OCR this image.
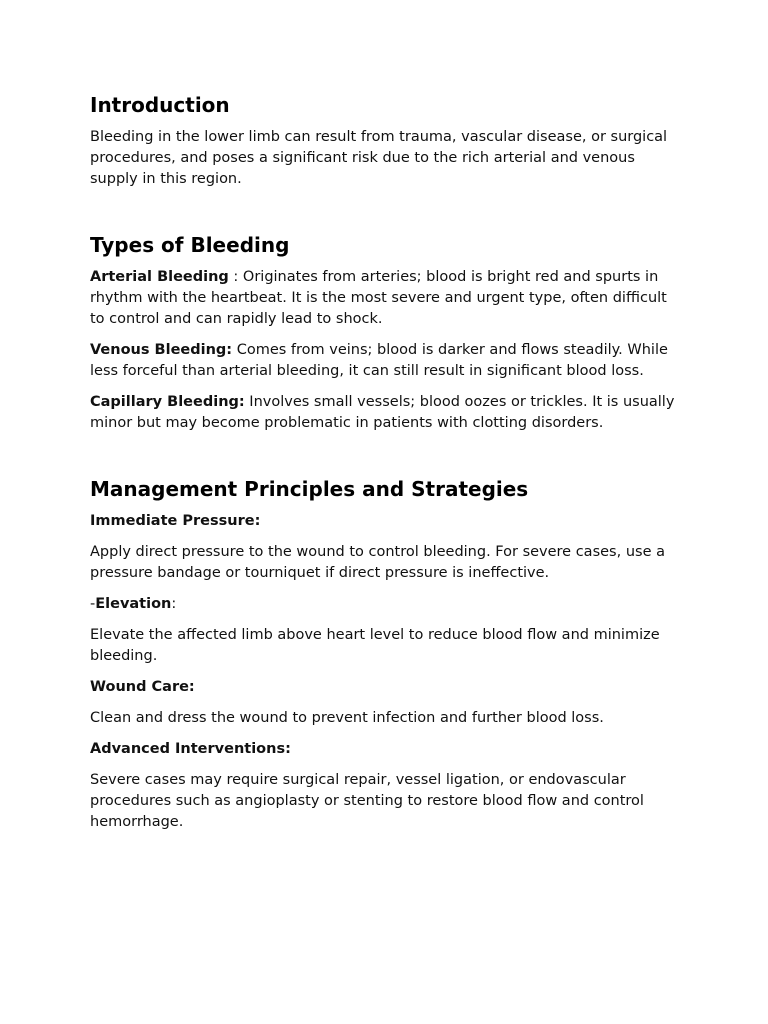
Introduction

Bleeding in the lower limb can result from trauma, vascular disease, or surgical procedures, and poses a significant risk due to the rich arterial and venous supply in this region.

Types of Bleeding

Arterial Bleeding : Originates from arteries; blood is bright red and spurts in rhythm with the heartbeat. It is the most severe and urgent type, often difficult to control and can rapidly lead to shock.

Venous Bleeding: Comes from veins; blood is darker and flows steadily. While less forceful than arterial bleeding, it can still result in significant blood loss.

Capillary Bleeding: Involves small vessels; blood oozes or trickles. It is usually minor but may become problematic in patients with clotting disorders.

Management Principles and Strategies

Immediate Pressure:

Apply direct pressure to the wound to control bleeding. For severe cases, use a pressure bandage or tourniquet if direct pressure is ineffective.

-Elevation:

Elevate the affected limb above heart level to reduce blood flow and minimize bleeding.

Wound Care:

Clean and dress the wound to prevent infection and further blood loss.

Advanced Interventions:

Severe cases may require surgical repair, vessel ligation, or endovascular procedures such as angioplasty or stenting to restore blood flow and control hemorrhage.
